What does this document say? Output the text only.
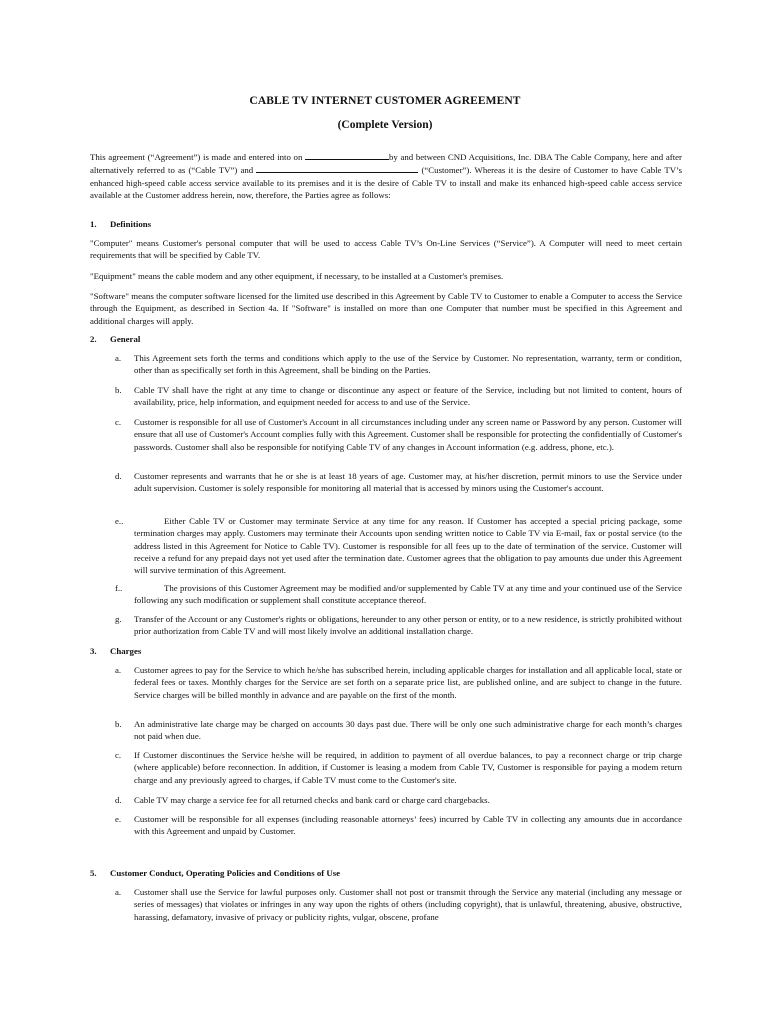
CABLE TV INTERNET CUSTOMER AGREEMENT
(Complete Version)
This agreement (“Agreement”) is made and entered into on	by and between CND Acquisitions, Inc. DBA The Cable Company, here and after alternatively referred to as (“Cable TV”) and	(“Customer”). Whereas it is the desire of Customer to have Cable TV’s enhanced high-speed cable access service available to its premises and it is the desire of Cable TV to install and make its enhanced high-speed cable access service available at the Customer address herein, now, therefore, the Parties agree as follows:
1. Definitions
"Computer" means Customer's personal computer that will be used to access Cable TV’s On-Line Services (“Service”). A Computer will need to meet certain requirements that will be specified by Cable TV.
"Equipment" means the cable modem and any other equipment, if necessary, to be installed at a Customer's premises.
"Software" means the computer software licensed for the limited use described in this Agreement by Cable TV to Customer to enable a Computer to access the Service through the Equipment, as described in Section 4a. If "Software" is installed on more than one Computer that number must be specified in this Agreement and additional charges will apply.
2. General
a. This Agreement sets forth the terms and conditions which apply to the use of the Service by Customer. No representation, warranty, term or condition, other than as specifically set forth in this Agreement, shall be binding on the Parties.
b. Cable TV shall have the right at any time to change or discontinue any aspect or feature of the Service, including but not limited to content, hours of availability, price, help information, and equipment needed for access to and use of the Service.
c. Customer is responsible for all use of Customer's Account in all circumstances including under any screen name or Password by any person. Customer will ensure that all use of Customer's Account complies fully with this Agreement. Customer shall be responsible for protecting the confidentially of Customer's passwords. Customer shall also be responsible for notifying Cable TV of any changes in Account information (e.g. address, phone, etc.).
d. Customer represents and warrants that he or she is at least 18 years of age. Customer may, at his/her discretion, permit minors to use the Service under adult supervision. Customer is solely responsible for monitoring all material that is accessed by minors using the Customer's account.
e..	Either Cable TV or Customer may terminate Service at any time for any reason. If Customer has accepted a special pricing package, some termination charges may apply. Customers may terminate their Accounts upon sending written notice to Cable TV via E-mail, fax or postal service (to the address listed in this Agreement for Notice to Cable TV). Customer is responsible for all fees up to the date of termination of the service. Customer will receive a refund for any prepaid days not yet used after the termination date. Customer agrees that the obligation to pay amounts due under this Agreement will survive termination of this Agreement.
f..	The provisions of this Customer Agreement may be modified and/or supplemented by Cable TV at any time and your continued use of the Service following any such modification or supplement shall constitute acceptance thereof.
g. Transfer of the Account or any Customer's rights or obligations, hereunder to any other person or entity, or to a new residence, is strictly prohibited without prior authorization from Cable TV and will most likely involve an additional installation charge.
3. Charges
a. Customer agrees to pay for the Service to which he/she has subscribed herein, including applicable charges for installation and all applicable local, state or federal fees or taxes. Monthly charges for the Service are set forth on a separate price list, are published online, and are subject to change in the future. Service charges will be billed monthly in advance and are payable on the first of the month.
b. An administrative late charge may be charged on accounts 30 days past due. There will be only one such administrative charge for each month’s charges not paid when due.
c. If Customer discontinues the Service he/she will be required, in addition to payment of all overdue balances, to pay a reconnect charge or trip charge (where applicable) before reconnection. In addition, if Customer is leasing a modem from Cable TV, Customer is responsible for paying a modem return charge and any previously agreed to charges, if Cable TV must come to the Customer's site.
d. Cable TV may charge a service fee for all returned checks and bank card or charge card chargebacks.
e. Customer will be responsible for all expenses (including reasonable attorneys’ fees) incurred by Cable TV in collecting any amounts due in accordance with this Agreement and unpaid by Customer.
5. Customer Conduct, Operating Policies and Conditions of Use
a. Customer shall use the Service for lawful purposes only. Customer shall not post or transmit through the Service any material (including any message or series of messages) that violates or infringes in any way upon the rights of others (including copyright), that is unlawful, threatening, abusive, obstructive, harassing, defamatory, invasive of privacy or publicity rights, vulgar, obscene, profane
